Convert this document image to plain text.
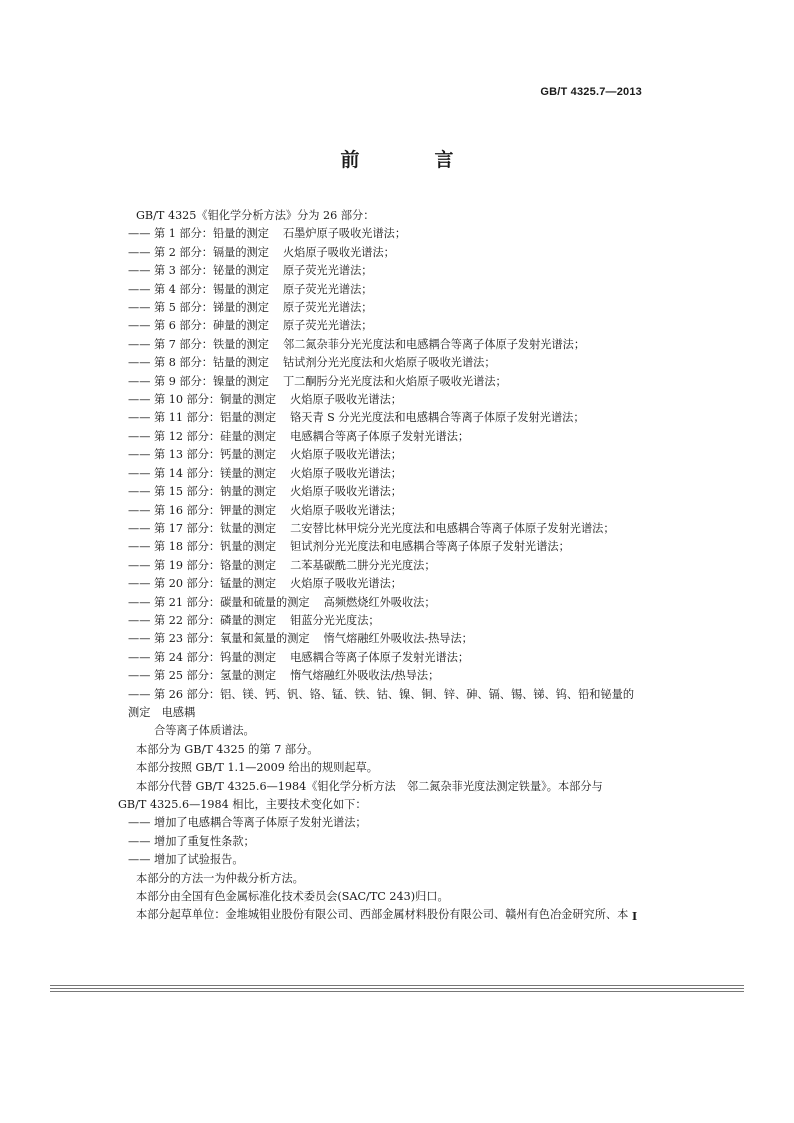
GB/T 4325.7—2013
前　言
GB/T 4325《钼化学分析方法》分为 26 部分：
—— 第 1 部分：铅量的测定 石墨炉原子吸收光谱法；
—— 第 2 部分：镉量的测定 火焰原子吸收光谱法；
—— 第 3 部分：铋量的测定 原子荧光光谱法；
—— 第 4 部分：锡量的测定 原子荧光光谱法；
—— 第 5 部分：锑量的测定 原子荧光光谱法；
—— 第 6 部分：砷量的测定 原子荧光光谱法；
—— 第 7 部分：铁量的测定 邻二氮杂菲分光光度法和电感耦合等离子体原子发射光谱法；
—— 第 8 部分：钴量的测定 钴试剂分光光度法和火焰原子吸收光谱法；
—— 第 9 部分：镍量的测定 丁二酮肟分光光度法和火焰原子吸收光谱法；
—— 第 10 部分：铜量的测定 火焰原子吸收光谱法；
—— 第 11 部分：铝量的测定 铬天青 S 分光光度法和电感耦合等离子体原子发射光谱法；
—— 第 12 部分：硅量的测定 电感耦合等离子体原子发射光谱法；
—— 第 13 部分：钙量的测定 火焰原子吸收光谱法；
—— 第 14 部分：镁量的测定 火焰原子吸收光谱法；
—— 第 15 部分：钠量的测定 火焰原子吸收光谱法；
—— 第 16 部分：钾量的测定 火焰原子吸收光谱法；
—— 第 17 部分：钛量的测定 二安替比林甲烷分光光度法和电感耦合等离子体原子发射光谱法；
—— 第 18 部分：钒量的测定 钽试剂分光光度法和电感耦合等离子体原子发射光谱法；
—— 第 19 部分：铬量的测定 二苯基碳酰二肼分光光度法；
—— 第 20 部分：锰量的测定 火焰原子吸收光谱法；
—— 第 21 部分：碳量和硫量的测定 高频燃烧红外吸收法；
—— 第 22 部分：磷量的测定 钼蓝分光光度法；
—— 第 23 部分：氧量和氮量的测定 惰气熔融红外吸收法-热导法；
—— 第 24 部分：钨量的测定 电感耦合等离子体原子发射光谱法；
—— 第 25 部分：氢量的测定 惰气熔融红外吸收法/热导法；
—— 第 26 部分：铝、镁、钙、钒、铬、锰、铁、钴、镍、铜、锌、砷、镉、锡、锑、钨、铅和铋量的测定　电感耦
合等离子体质谱法。
本部分为 GB/T 4325 的第 7 部分。
本部分按照 GB/T 1.1—2009 给出的规则起草。
本部分代替 GB/T 4325.6—1984《钼化学分析方法　邻二氮杂菲光度法测定铁量》。本部分与
GB/T 4325.6—1984 相比，主要技术变化如下：
—— 增加了电感耦合等离子体原子发射光谱法；
—— 增加了重复性条款；
—— 增加了试验报告。
本部分的方法一为仲裁分析方法。
本部分由全国有色金属标准化技术委员会(SAC/TC 243)归口。
本部分起草单位：金堆城钼业股份有限公司、西部金属材料股份有限公司、赣州有色冶金研究所、本 I
